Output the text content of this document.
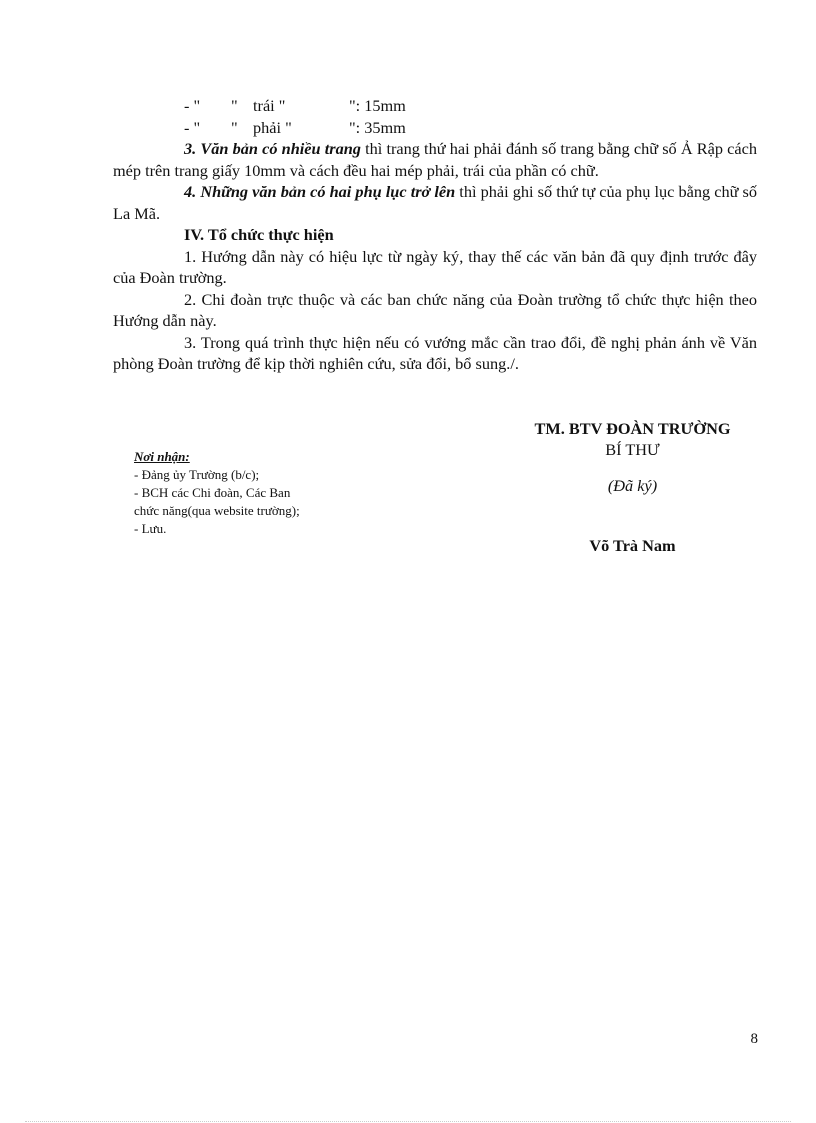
- " " trái "	": 15mm

- " " phải "	": 35mm

3. Văn bản có nhiều trang thì trang thứ hai phải đánh số trang bằng chữ số Ả Rập cách mép trên trang giấy 10mm và cách đều hai mép phải, trái của phần có chữ.

4. Những văn bản có hai phụ lục trở lên thì phải ghi số thứ tự của phụ lục bằng chữ số La Mã.

IV. Tổ chức thực hiện

1. Hướng dẫn này có hiệu lực từ ngày ký, thay thế các văn bản đã quy định trước đây của Đoàn trường.

2. Chi đoàn trực thuộc và các ban chức năng của Đoàn trường tổ chức thực hiện theo Hướng dẫn này.

3. Trong quá trình thực hiện nếu có vướng mắc cần trao đổi, đề nghị phản ánh về Văn phòng Đoàn trường để kịp thời nghiên cứu, sửa đổi, bổ sung./.

Nơi nhận:
- Đảng ủy Trường (b/c);
- BCH các Chi đoàn, Các Ban
chức năng(qua website trường);
- Lưu.
TM. BTV ĐOÀN TRƯỜNG
BÍ THƯ
(Đã ký)
Võ Trà Nam
8
